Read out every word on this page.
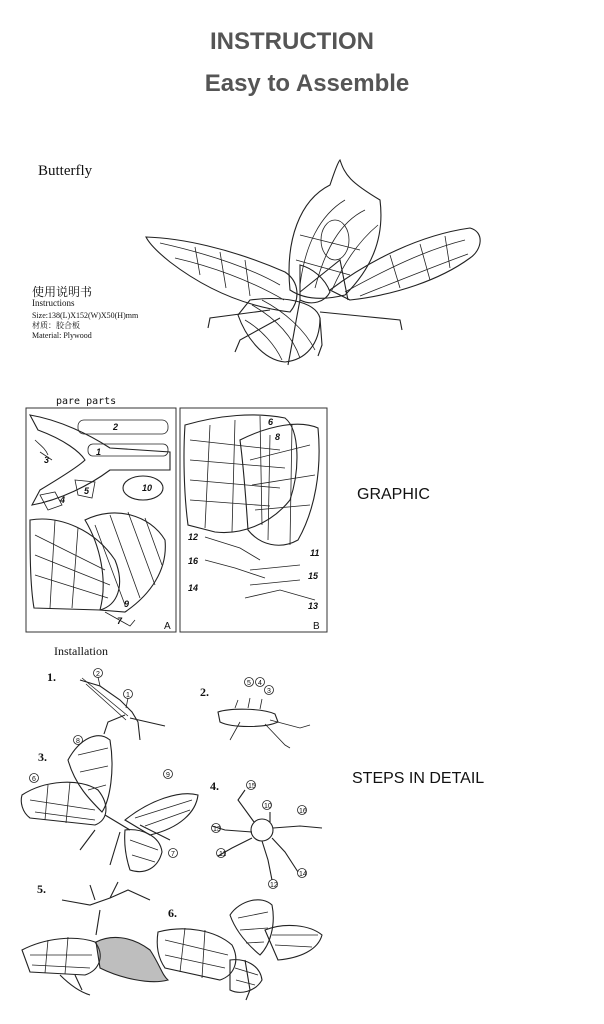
INSTRUCTION
Easy to Assemble
Butterfly
使用说明书
Instructions
Size:138(L)X152(W)X50(H)mm
材质：胶合板
Material: Plywood
pare parts
GRAPHIC
2
1
3
4
5	10
9
7	A
6
8
12
16
14
11
15
13
B
Installation
STEPS IN DETAIL
1.
2.
3.
4.
5.
6.
2
1
5 4
3
8
6
9
7
15
10
16
13
11
12
14
